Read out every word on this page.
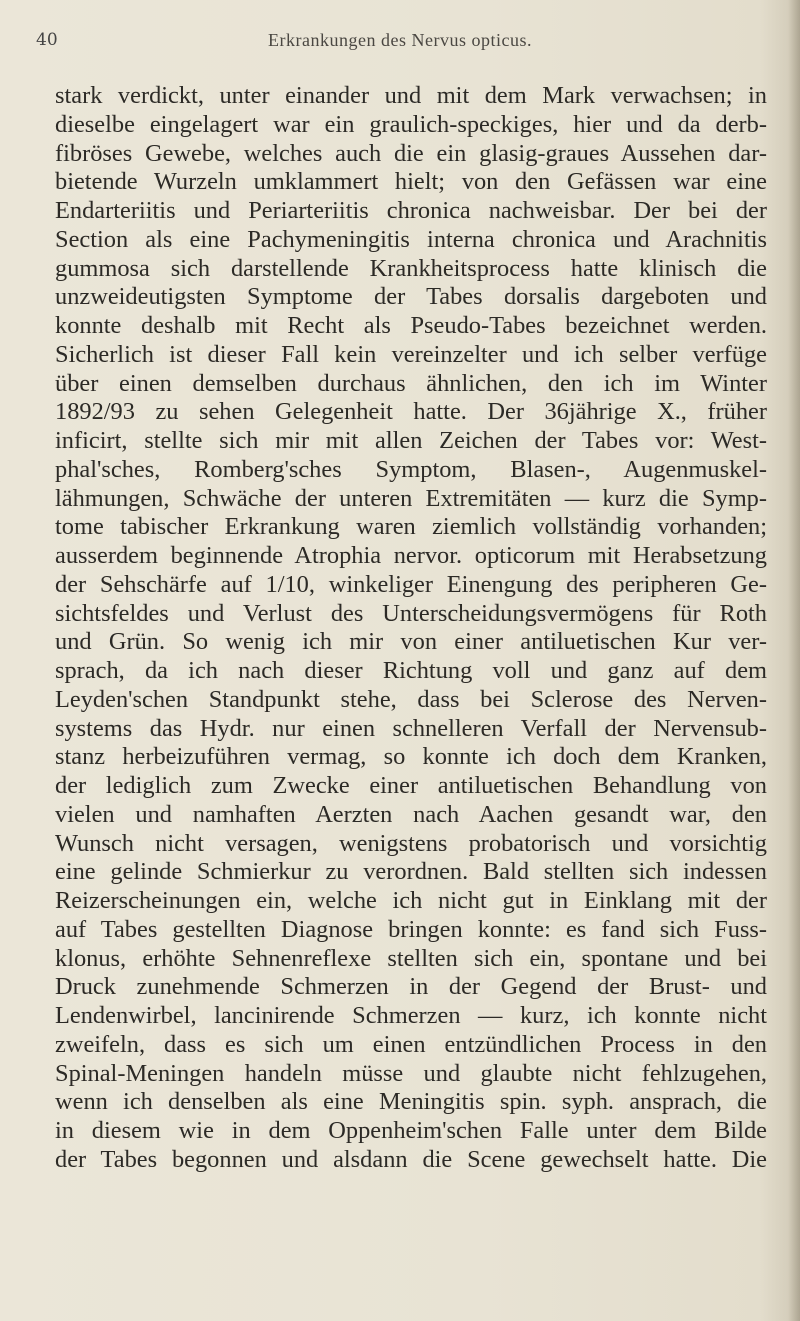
40	Erkrankungen des Nervus opticus.
stark verdickt, unter einander und mit dem Mark verwachsen; in
dieselbe eingelagert war ein graulich-speckiges, hier und da derb-
fibröses Gewebe, welches auch die ein glasig-graues Aussehen dar-
bietende Wurzeln umklammert hielt; von den Gefässen war eine
Endarteriitis und Periarteriitis chronica nachweisbar. Der bei der
Section als eine Pachymeningitis interna chronica und Arachnitis
gummosa sich darstellende Krankheitsprocess hatte klinisch die
unzweideutigsten Symptome der Tabes dorsalis dargeboten und
konnte deshalb mit Recht als Pseudo-Tabes bezeichnet werden.
Sicherlich ist dieser Fall kein vereinzelter und ich selber verfüge
über einen demselben durchaus ähnlichen, den ich im Winter
1892/93 zu sehen Gelegenheit hatte. Der 36jährige X., früher
inficirt, stellte sich mir mit allen Zeichen der Tabes vor: West-
phal'sches, Romberg'sches Symptom, Blasen-, Augenmuskel-
lähmungen, Schwäche der unteren Extremitäten — kurz die Symp-
tome tabischer Erkrankung waren ziemlich vollständig vorhanden;
ausserdem beginnende Atrophia nervor. opticorum mit Herabsetzung
der Sehschärfe auf 1/10, winkeliger Einengung des peripheren Ge-
sichtsfeldes und Verlust des Unterscheidungsvermögens für Roth
und Grün. So wenig ich mir von einer antiluetischen Kur ver-
sprach, da ich nach dieser Richtung voll und ganz auf dem
Leyden'schen Standpunkt stehe, dass bei Sclerose des Nerven-
systems das Hydr. nur einen schnelleren Verfall der Nervensub-
stanz herbeizuführen vermag, so konnte ich doch dem Kranken,
der lediglich zum Zwecke einer antiluetischen Behandlung von
vielen und namhaften Aerzten nach Aachen gesandt war, den
Wunsch nicht versagen, wenigstens probatorisch und vorsichtig
eine gelinde Schmierkur zu verordnen. Bald stellten sich indessen
Reizerscheinungen ein, welche ich nicht gut in Einklang mit der
auf Tabes gestellten Diagnose bringen konnte: es fand sich Fuss-
klonus, erhöhte Sehnenreflexe stellten sich ein, spontane und bei
Druck zunehmende Schmerzen in der Gegend der Brust- und
Lendenwirbel, lancinirende Schmerzen — kurz, ich konnte nicht
zweifeln, dass es sich um einen entzündlichen Process in den
Spinal-Meningen handeln müsse und glaubte nicht fehlzugehen,
wenn ich denselben als eine Meningitis spin. syph. ansprach, die
in diesem wie in dem Oppenheim'schen Falle unter dem Bilde
der Tabes begonnen und alsdann die Scene gewechselt hatte. Die
